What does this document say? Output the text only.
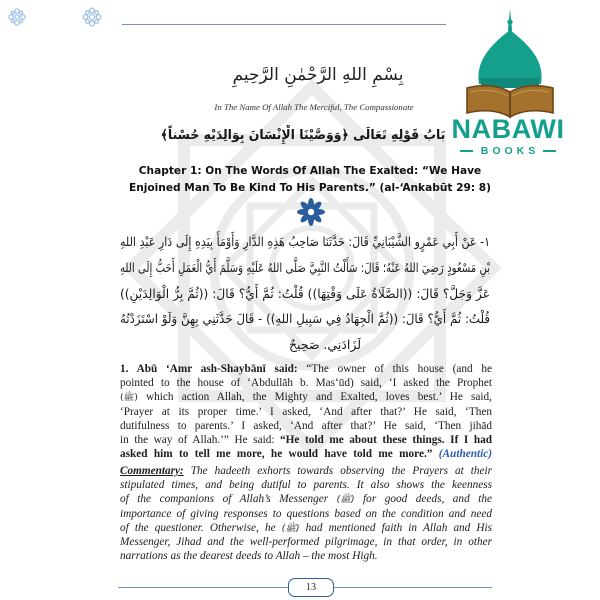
بِسْمِ اللهِ الرَّحْمٰنِ الرَّحِيمِ
In The Name Of Allah The Merciful, The Compassionate
بَابُ قَوْلِهِ تَعَالَى ﴿وَوَصَّيْنَا الْإِنْسَانَ بِوَالِدَيْهِ حُسْناً﴾
Chapter 1: On The Words Of Allah The Exalted: “We Have
Enjoined Man To Be Kind To His Parents.” (al-ʻAnkabūt 29: 8)
١- عَنْ أَبِي عَمْرٍو الشَّيْبَانِيِّ قَالَ: حَدَّثَنَا صَاحِبُ هَذِهِ الدَّارِ وَأَوْمَأَ بِيَدِهِ إِلَى دَارِ عَبْدِ اللهِ
بْنِ مَسْعُودٍ رَضِيَ اللهُ عَنْهُ؛ قَالَ: سَأَلْتُ النَّبِيَّ صَلَّى اللهُ عَلَيْهِ وَسَلَّمَ أَيُّ الْعَمَلِ أَحَبُّ إِلَى اللهِ
عَزَّ وَجَلَّ؟ قَالَ: ((الصَّلَاةُ عَلَى وَقْتِهَا)) قُلْتُ: ثُمَّ أَيُّ؟ قَالَ: ((ثُمَّ بِرُّ الْوَالِدَيْنِ))
قُلْتُ: ثُمَّ أَيُّ؟ قَالَ: ((ثُمَّ الْجِهَادُ فِي سَبِيلِ اللهِ)) - قَالَ حَدَّثَنِي بِهِنَّ وَلَوْ اسْتَزَدْتُهُ
لَزَادَنِي. صَحِيحٌ
1. Abū ʻAmr ash-Shaybānī said: “The owner of this house (and he
pointed to the house of ʻAbdullāh b. Masʻūd) said, ‘I asked the Prophet
(ﷺ) which action Allah, the Mighty and Exalted, loves best.’ He said,
‘Prayer at its proper time.’ I asked, ‘And after that?’ He said, ‘Then
dutifulness to parents.’ I asked, ‘And after that?’ He said, ‘Then jihād
in the way of Allah.’” He said: “He told me about these things. If I had
asked him to tell me more, he would have told me more.” (Authentic)
Commentary: The hadeeth exhorts towards observing the Prayers at their
stipulated times, and being dutiful to parents. It also shows the keenness
of the companions of Allah’s Messenger (ﷺ) for good deeds, and the
importance of giving responses to questions based on the condition and need
of the questioner. Otherwise, he (ﷺ) had mentioned faith in Allah and His
Messenger, Jihad and the well-performed pilgrimage, in that order, in other
narrations as the dearest deeds to Allah – the most High.
13
NABAWI
BOOKS
